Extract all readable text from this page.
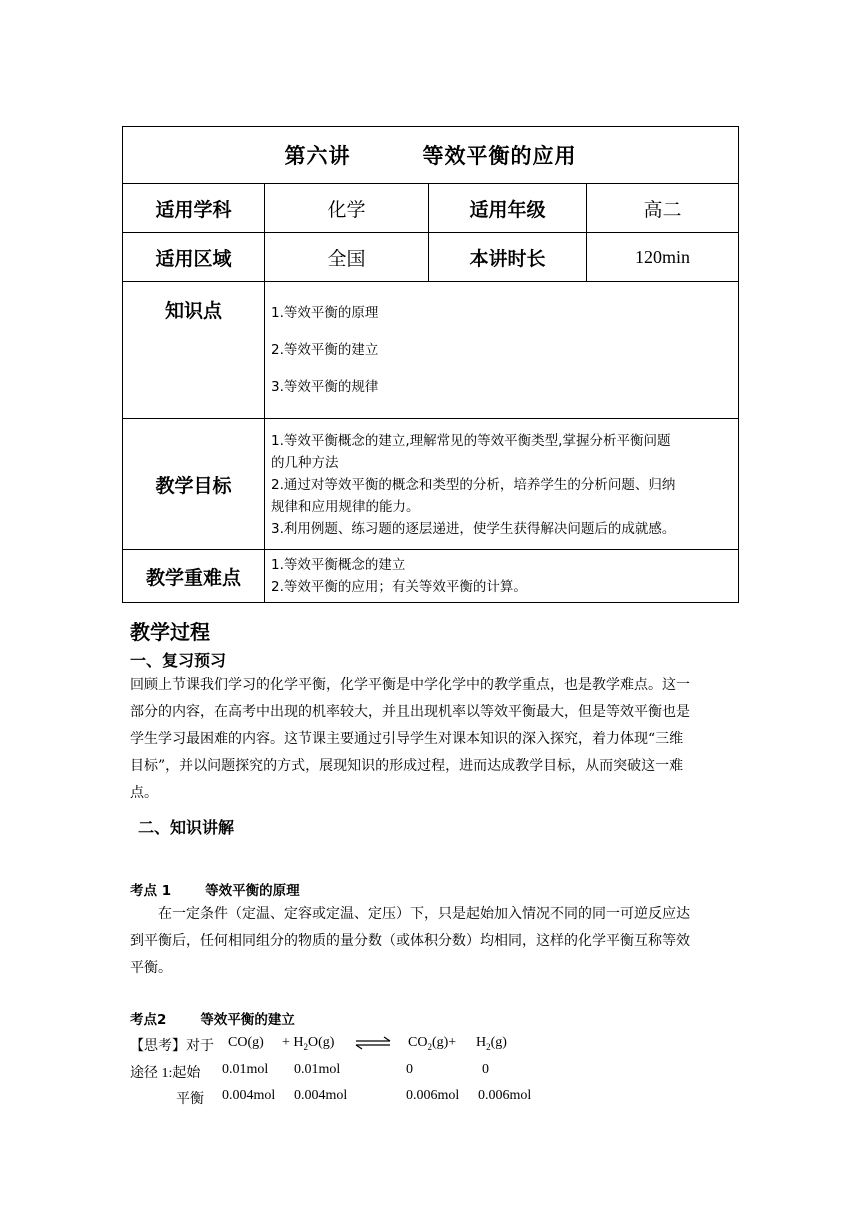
第六讲 等效平衡的应用			
适用学科	化学	适用年级	高二
适用区域	全国	本讲时长	120min
知识点	1.等效平衡的原理
2.等效平衡的建立
3.等效平衡的规律		

教学目标	1.等效平衡概念的建立,理解常见的等效平衡类型,掌握分析平衡问题
的几种方法
2.通过对等效平衡的概念和类型的分析，培养学生的分析问题、归纳
规律和应用规律的能力。
3.利用例题、练习题的逐层递进，使学生获得解决问题后的成就感。		

教学重难点	1.等效平衡概念的建立
2.等效平衡的应用；有关等效平衡的计算。		
教学过程
一、复习预习
回顾上节课我们学习的化学平衡，化学平衡是中学化学中的教学重点，也是教学难点。这一
部分的内容，在高考中出现的机率较大，并且出现机率以等效平衡最大，但是等效平衡也是
学生学习最困难的内容。这节课主要通过引导学生对课本知识的深入探究，着力体现“三维
目标”，并以问题探究的方式，展现知识的形成过程，进而达成教学目标，从而突破这一难
点。
二、知识讲解
考点 1	等效平衡的原理
在一定条件（定温、定容或定温、定压）下，只是起始加入情况不同的同一可逆反应达
到平衡后，任何相同组分的物质的量分数（或体积分数）均相同，这样的化学平衡互称等效
平衡。
考点2	等效平衡的建立
【思考】对于 $CO(g) + H_2O(g)$ ⇌ $CO_2(g)+ H_2(g)$
途径 1:起始 0.01mol 0.01mol	0	0
平衡 0.004mol 0.004mol	0.006mol 0.006mol
